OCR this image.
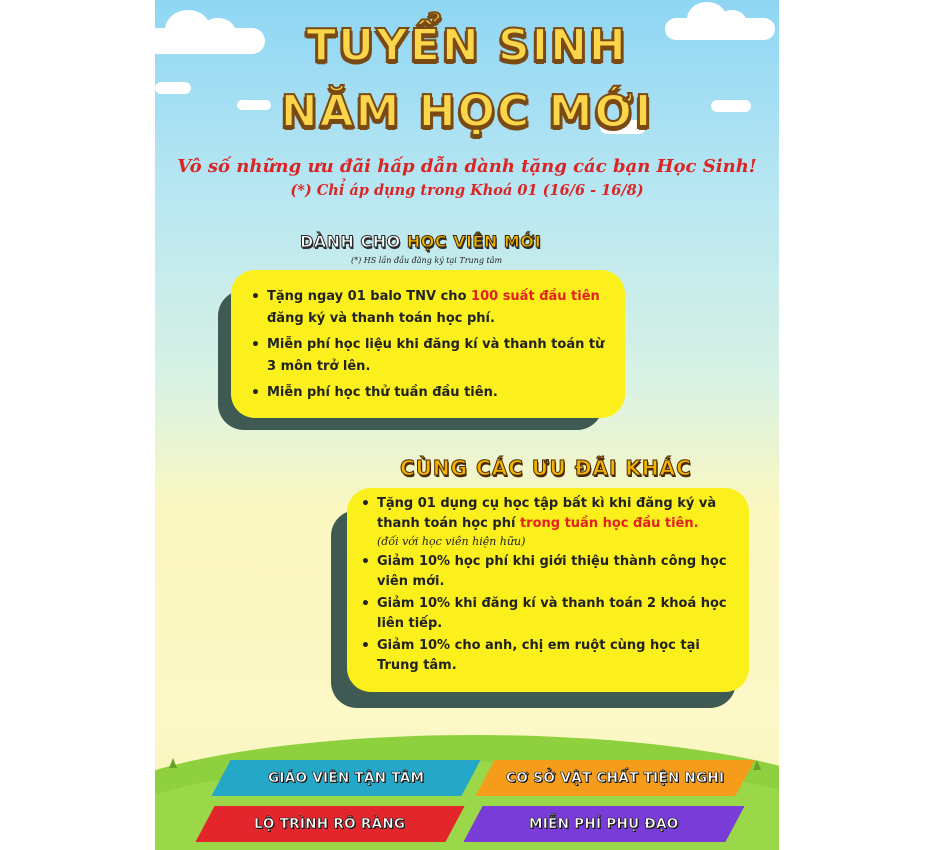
TUYỂN SINH
NĂM HỌC MỚI
Vô số những ưu đãi hấp dẫn dành tặng các bạn Học Sinh!
(*) Chỉ áp dụng trong Khoá 01 (16/6 - 16/8)
DÀNH CHO HỌC VIÊN MỚI
(*) HS lần đầu đăng ký tại Trung tâm
• Tặng ngay 01 balo TNV cho 100 suất đầu tiên đăng ký và thanh toán học phí.
• Miễn phí học liệu khi đăng kí và thanh toán từ 3 môn trở lên.
• Miễn phí học thử tuần đầu tiên.
CÙNG CÁC ƯU ĐÃI KHÁC
• Tặng 01 dụng cụ học tập bất kì khi đăng ký và thanh toán học phí trong tuần học đầu tiên.
(đối với học viên hiện hữu)
• Giảm 10% học phí khi giới thiệu thành công học viên mới.
• Giảm 10% khi đăng kí và thanh toán 2 khoá học liên tiếp.
• Giảm 10% cho anh, chị em ruột cùng học tại Trung tâm.
GIÁO VIÊN TẬN TÂM	CƠ SỞ VẬT CHẤT TIỆN NGHI
LỘ TRÌNH RÕ RÀNG	MIỄN PHÍ PHỤ ĐẠO
